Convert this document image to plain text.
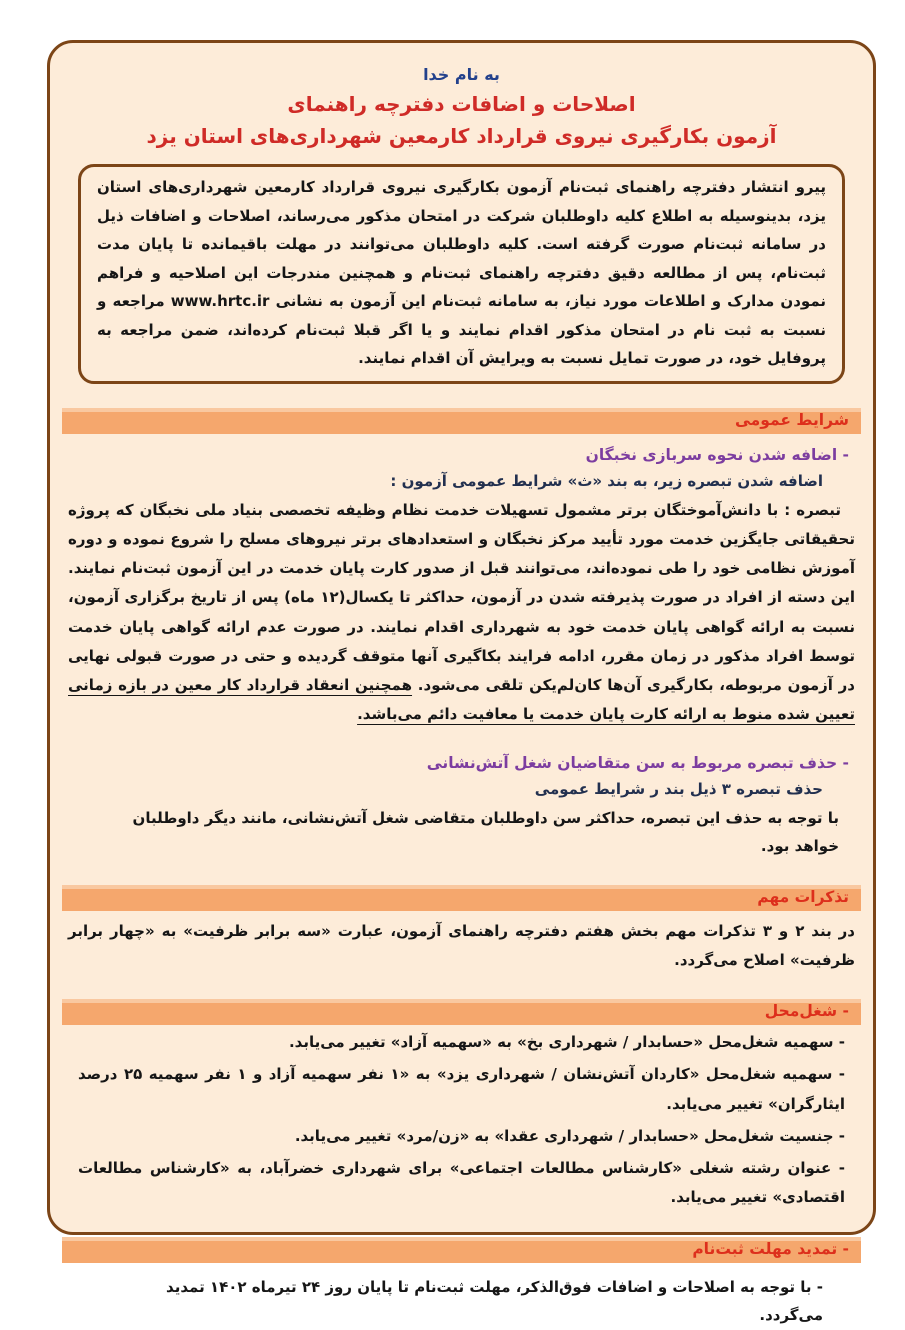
به نام خدا
اصلاحات و اضافات دفترچه راهنمای
آزمون بکارگیری نیروی قرارداد کارمعین شهرداری‌های استان یزد

پیرو انتشار دفترچه راهنمای ثبت‌نام آزمون بکارگیری نیروی قرارداد کارمعین شهرداری‌های استان یزد، بدینوسیله به اطلاع کلیه داوطلبان شرکت در امتحان مذکور می‌رساند، اصلاحات و اضافات ذیل در سامانه ثبت‌نام صورت گرفته است. کلیه داوطلبان می‌توانند در مهلت باقیمانده تا پایان مدت ثبت‌نام، پس از مطالعه دقیق دفترچه راهنمای ثبت‌نام و همچنین مندرجات این اصلاحیه و فراهم نمودن مدارک و اطلاعات مورد نیاز، به سامانه ثبت‌نام این آزمون به نشانی www.hrtc.ir مراجعه و نسبت به ثبت نام در امتحان مذکور اقدام نمایند و یا اگر قبلا ثبت‌نام کرده‌اند، ضمن مراجعه به پروفایل خود، در صورت تمایل نسبت به ویرایش آن اقدام نمایند.

شرایط عمومی
- اضافه شدن نحوه سربازی نخبگان
اضافه شدن تبصره زیر، به بند «ث» شرایط عمومی آزمون :

تبصره : با دانش‌آموختگان برتر مشمول تسهیلات خدمت نظام وظیفه تخصصی بنیاد ملی نخبگان که پروژه تحقیقاتی جایگزین خدمت مورد تأیید مرکز نخبگان و استعدادهای برتر نیروهای مسلح را شروع نموده و دوره آموزش نظامی خود را طی نموده‌اند، می‌توانند قبل از صدور کارت پایان خدمت در این آزمون ثبت‌نام نمایند. این دسته از افراد در صورت پذیرفته شدن در آزمون، حداکثر تا یکسال(۱۲ ماه) پس از تاریخ برگزاری آزمون، نسبت به ارائه گواهی پایان خدمت خود به شهرداری اقدام نمایند. در صورت عدم ارائه گواهی پایان خدمت توسط افراد مذکور در زمان مقرر، ادامه فرایند بکاگیری آنها متوقف گردیده و حتی در صورت قبولی نهایی در آزمون مربوطه، بکارگیری آن‌ها کان‌لم‌یکن تلقی می‌شود. همچنین انعقاد قرارداد کار معین در بازه زمانی تعیین شده منوط به ارائه کارت پایان خدمت یا معافیت دائم می‌باشد.

- حذف تبصره مربوط به سن متقاضیان شغل آتش‌نشانی
حذف تبصره ۳ ذیل بند ر شرایط عمومی
با توجه به حذف این تبصره، حداکثر سن داوطلبان متقاضی شغل آتش‌نشانی، مانند دیگر داوطلبان خواهد بود.
تذکرات مهم

در بند ۲ و ۳ تذکرات مهم بخش هفتم دفترچه راهنمای آزمون، عبارت «سه برابر ظرفیت» به «چهار برابر ظرفیت» اصلاح می‌گردد.

- شغل‌محل
- سهمیه شغل‌محل «حسابدار / شهرداری بخ» به «سهمیه آزاد» تغییر می‌یابد.
- سهمیه شغل‌محل «کاردان آتش‌نشان / شهرداری یزد» به «۱ نفر سهمیه آزاد و ۱ نفر سهمیه ۲۵ درصد ایثارگران» تغییر می‌یابد.
- جنسیت شغل‌محل «حسابدار / شهرداری عقدا» به «زن/مرد» تغییر می‌یابد.
- عنوان رشته شغلی «کارشناس مطالعات اجتماعی» برای شهرداری خضرآباد، به «کارشناس مطالعات اقتصادی» تغییر می‌یابد.
- تمدید مهلت ثبت‌نام
- با توجه به اصلاحات و اضافات فوق‌الذکر، مهلت ثبت‌نام تا پایان روز ۲۴ تیرماه ۱۴۰۲ تمدید می‌گردد.
